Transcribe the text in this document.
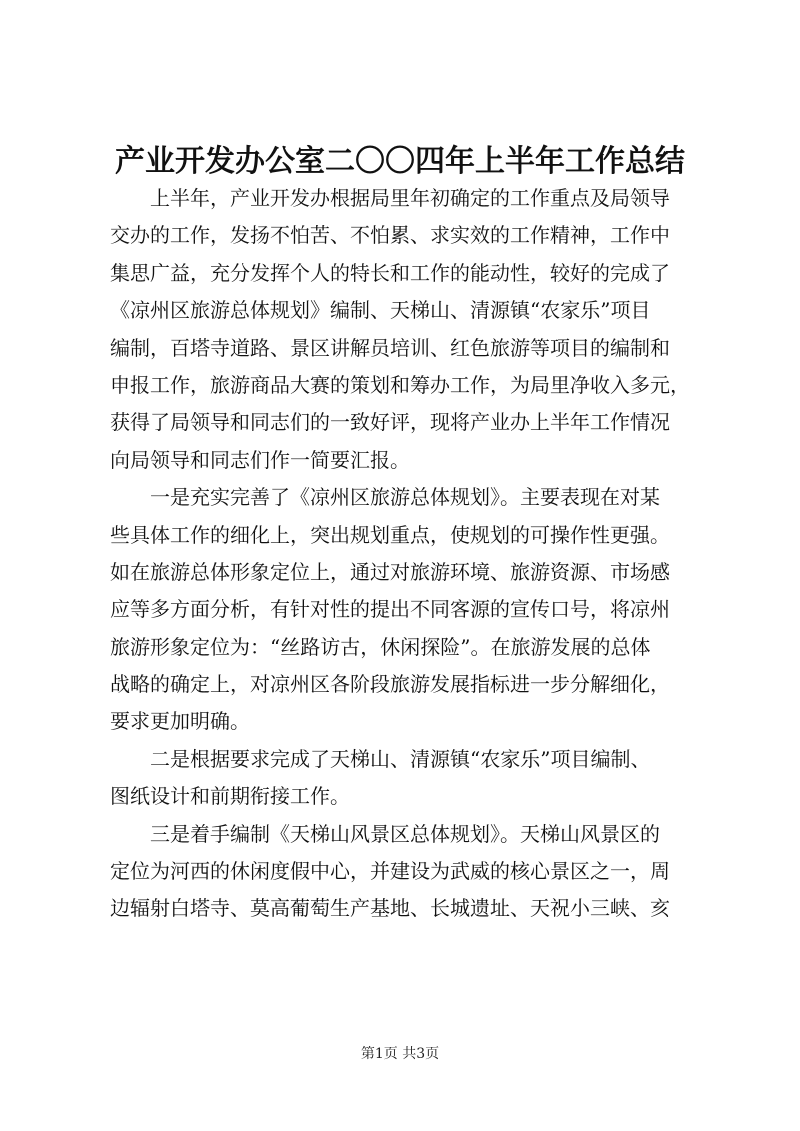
产业开发办公室二〇〇四年上半年工作总结
上半年，产业开发办根据局里年初确定的工作重点及局领导
交办的工作，发扬不怕苦、不怕累、求实效的工作精神，工作中
集思广益，充分发挥个人的特长和工作的能动性，较好的完成了
《凉州区旅游总体规划》编制、天梯山、清源镇“农家乐”项目
编制，百塔寺道路、景区讲解员培训、红色旅游等项目的编制和
申报工作，旅游商品大赛的策划和筹办工作，为局里净收入多元，
获得了局领导和同志们的一致好评，现将产业办上半年工作情况
向局领导和同志们作一简要汇报。
一是充实完善了《凉州区旅游总体规划》。主要表现在对某
些具体工作的细化上，突出规划重点，使规划的可操作性更强。
如在旅游总体形象定位上，通过对旅游环境、旅游资源、市场感
应等多方面分析，有针对性的提出不同客源的宣传口号，将凉州
旅游形象定位为：“丝路访古，休闲探险”。在旅游发展的总体
战略的确定上，对凉州区各阶段旅游发展指标进一步分解细化，
要求更加明确。
二是根据要求完成了天梯山、清源镇“农家乐”项目编制、
图纸设计和前期衔接工作。
三是着手编制《天梯山风景区总体规划》。天梯山风景区的
定位为河西的休闲度假中心，并建设为武威的核心景区之一，周
边辐射白塔寺、莫高葡萄生产基地、长城遗址、天祝小三峡、亥
第1页 共3页
